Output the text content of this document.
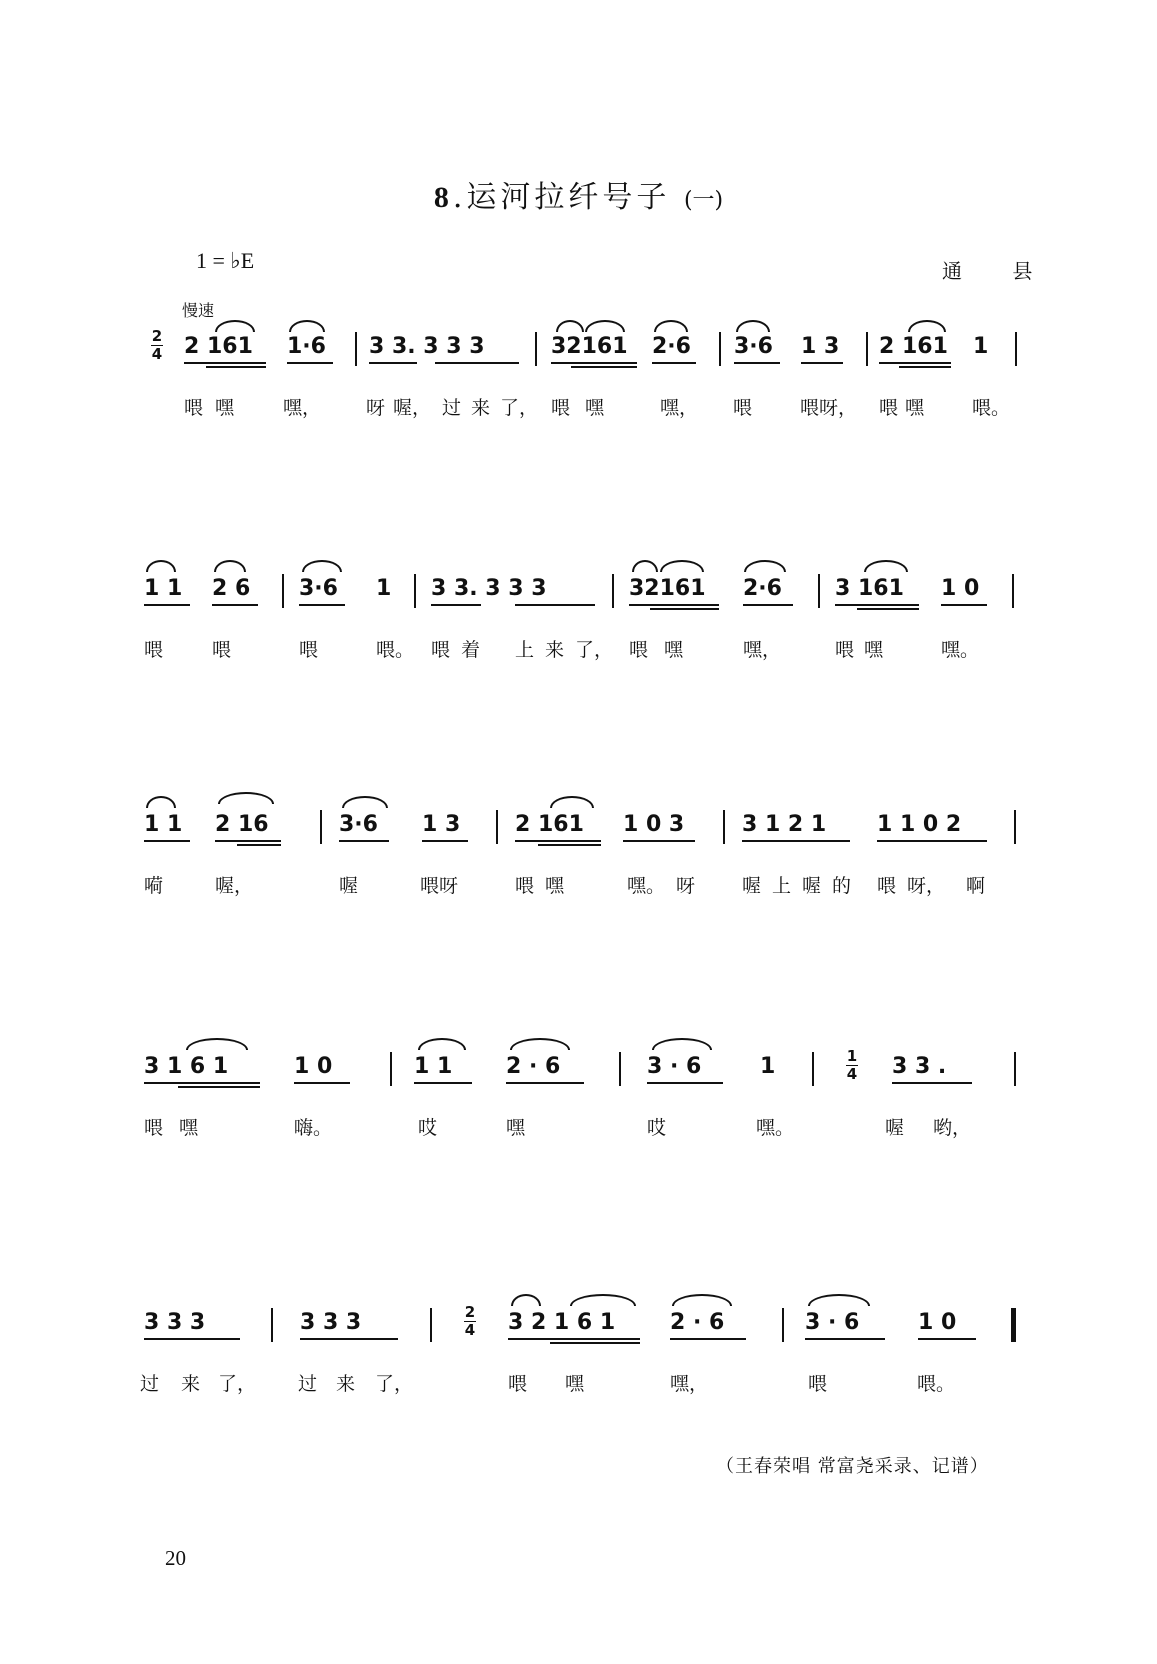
8.运河拉纤号子 (一)
1 = ♭E	通 县
慢速
2
4 2 161 1·6 3 3. 3 3 3	32161 2·6 3·6 1 3 2 161 1
喂 嘿	嘿， 呀 喔， 过 来 了， 喂 嘿	嘿， 喂	喂呀， 喂 嘿	喂。
1 1 2 6 3·6 1 3 3. 3 3 3	32161 2·6 3 161 1 0
喂	喂	喂	喂。 喂 着 上 来 了， 喂 嘿	嘿，	喂 嘿	嘿。
1 1 2 16	3·6 1 3 2 161 1 0 3	3 1 2 1 1 1 0 2
嗬	喔，	喔	喂呀	喂 嘿	嘿。 呀 喔 上 喔 的 喂 呀， 啊
1
4
3 1 6 1	1 0	1 1 2 · 6	3 · 6	1	3 3 .
喂 嘿	嗨。	哎	嘿	哎	嘿。	喔 哟，
2
4
3 3 3	3 3 3	3 2 1 6 1 2 · 6	3 · 6	1 0
过 来 了， 过 来 了，	喂 嘿	嘿，	喂	喂。
（王春荣唱 常富尧采录、记谱）
20
